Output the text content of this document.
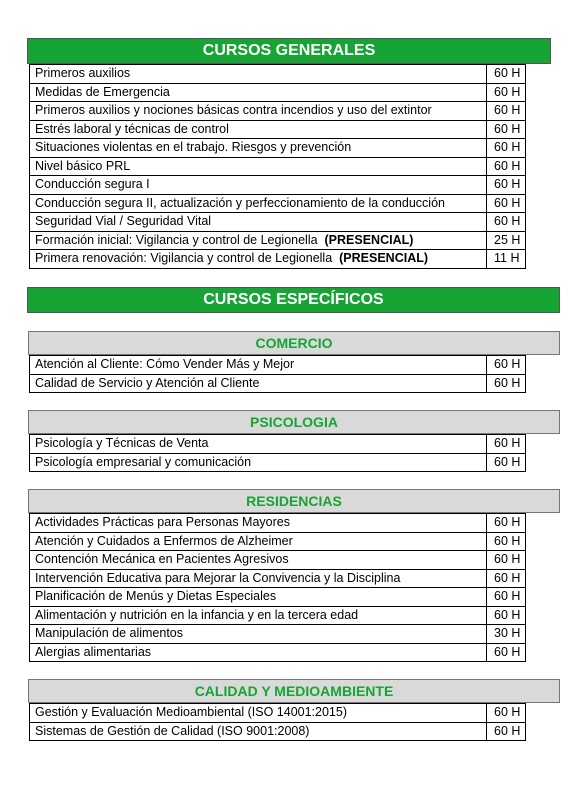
CURSOS GENERALES
Primeros auxilios	60 H
Medidas de Emergencia	60 H
Primeros auxilios y nociones básicas contra incendios y uso del extintor	60 H
Estrés laboral y técnicas de control	60 H
Situaciones violentas en el trabajo. Riesgos y prevención	60 H
Nivel básico PRL	60 H
Conducción segura I	60 H
Conducción segura II, actualización y perfeccionamiento de la conducción	60 H
Seguridad Vial / Seguridad Vital	60 H
Formación inicial: Vigilancia y control de Legionella (PRESENCIAL)	25 H
Primera renovación: Vigilancia y control de Legionella (PRESENCIAL)	11 H
CURSOS ESPECÍFICOS
COMERCIO
Atención al Cliente: Cómo Vender Más y Mejor	60 H
Calidad de Servicio y Atención al Cliente	60 H
PSICOLOGIA
Psicología y Técnicas de Venta	60 H
Psicología empresarial y comunicación	60 H
RESIDENCIAS
Actividades Prácticas para Personas Mayores	60 H
Atención y Cuidados a Enfermos de Alzheimer	60 H
Contención Mecánica en Pacientes Agresivos	60 H
Intervención Educativa para Mejorar la Convivencia y la Disciplina	60 H
Planificación de Menús y Dietas Especiales	60 H
Alimentación y nutrición en la infancia y en la tercera edad	60 H
Manipulación de alimentos	30 H
Alergias alimentarias	60 H
CALIDAD Y MEDIOAMBIENTE
Gestión y Evaluación Medioambiental (ISO 14001:2015)	60 H
Sistemas de Gestión de Calidad (ISO 9001:2008)	60 H
